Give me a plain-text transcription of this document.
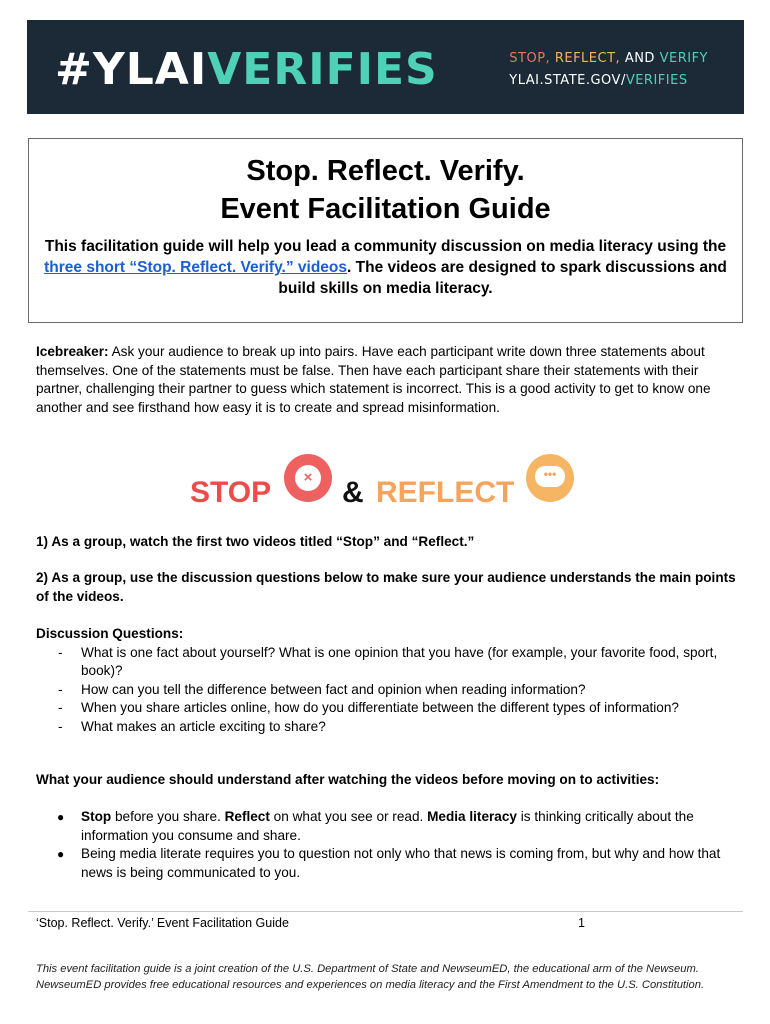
#YLAIVERIFIES	STOP, REFLECT, AND VERIFY
YLAI.STATE.GOV/VERIFIES
Stop. Reflect. Verify.
Event Facilitation Guide
This facilitation guide will help you lead a community discussion on media literacy using the three short “Stop. Reflect. Verify.” videos. The videos are designed to spark discussions and build skills on media literacy.
Icebreaker: Ask your audience to break up into pairs. Have each participant write down three statements about themselves. One of the statements must be false. Then have each participant share their statements with their partner, challenging their partner to guess which statement is incorrect. This is a good activity to get to know one another and see firsthand how easy it is to create and spread misinformation.
STOP	× & REFLECT
•••
1) As a group, watch the first two videos titled “Stop” and “Reflect.”
2) As a group, use the discussion questions below to make sure your audience understands the main points of the videos.
Discussion Questions:
- What is one fact about yourself? What is one opinion that you have (for example, your favorite food, sport, book)?
- How can you tell the difference between fact and opinion when reading information?
- When you share articles online, how do you differentiate between the different types of information?
- What makes an article exciting to share?
What your audience should understand after watching the videos before moving on to activities:
● Stop before you share. Reflect on what you see or read. Media literacy is thinking critically about the information you consume and share.
● Being media literate requires you to question not only who that news is coming from, but why and how that news is being communicated to you.
‘Stop. Reflect. Verify.’ Event Facilitation Guide	1
This event facilitation guide is a joint creation of the U.S. Department of State and NewseumED, the educational arm of the Newseum. NewseumED provides free educational resources and experiences on media literacy and the First Amendment to the U.S. Constitution.
